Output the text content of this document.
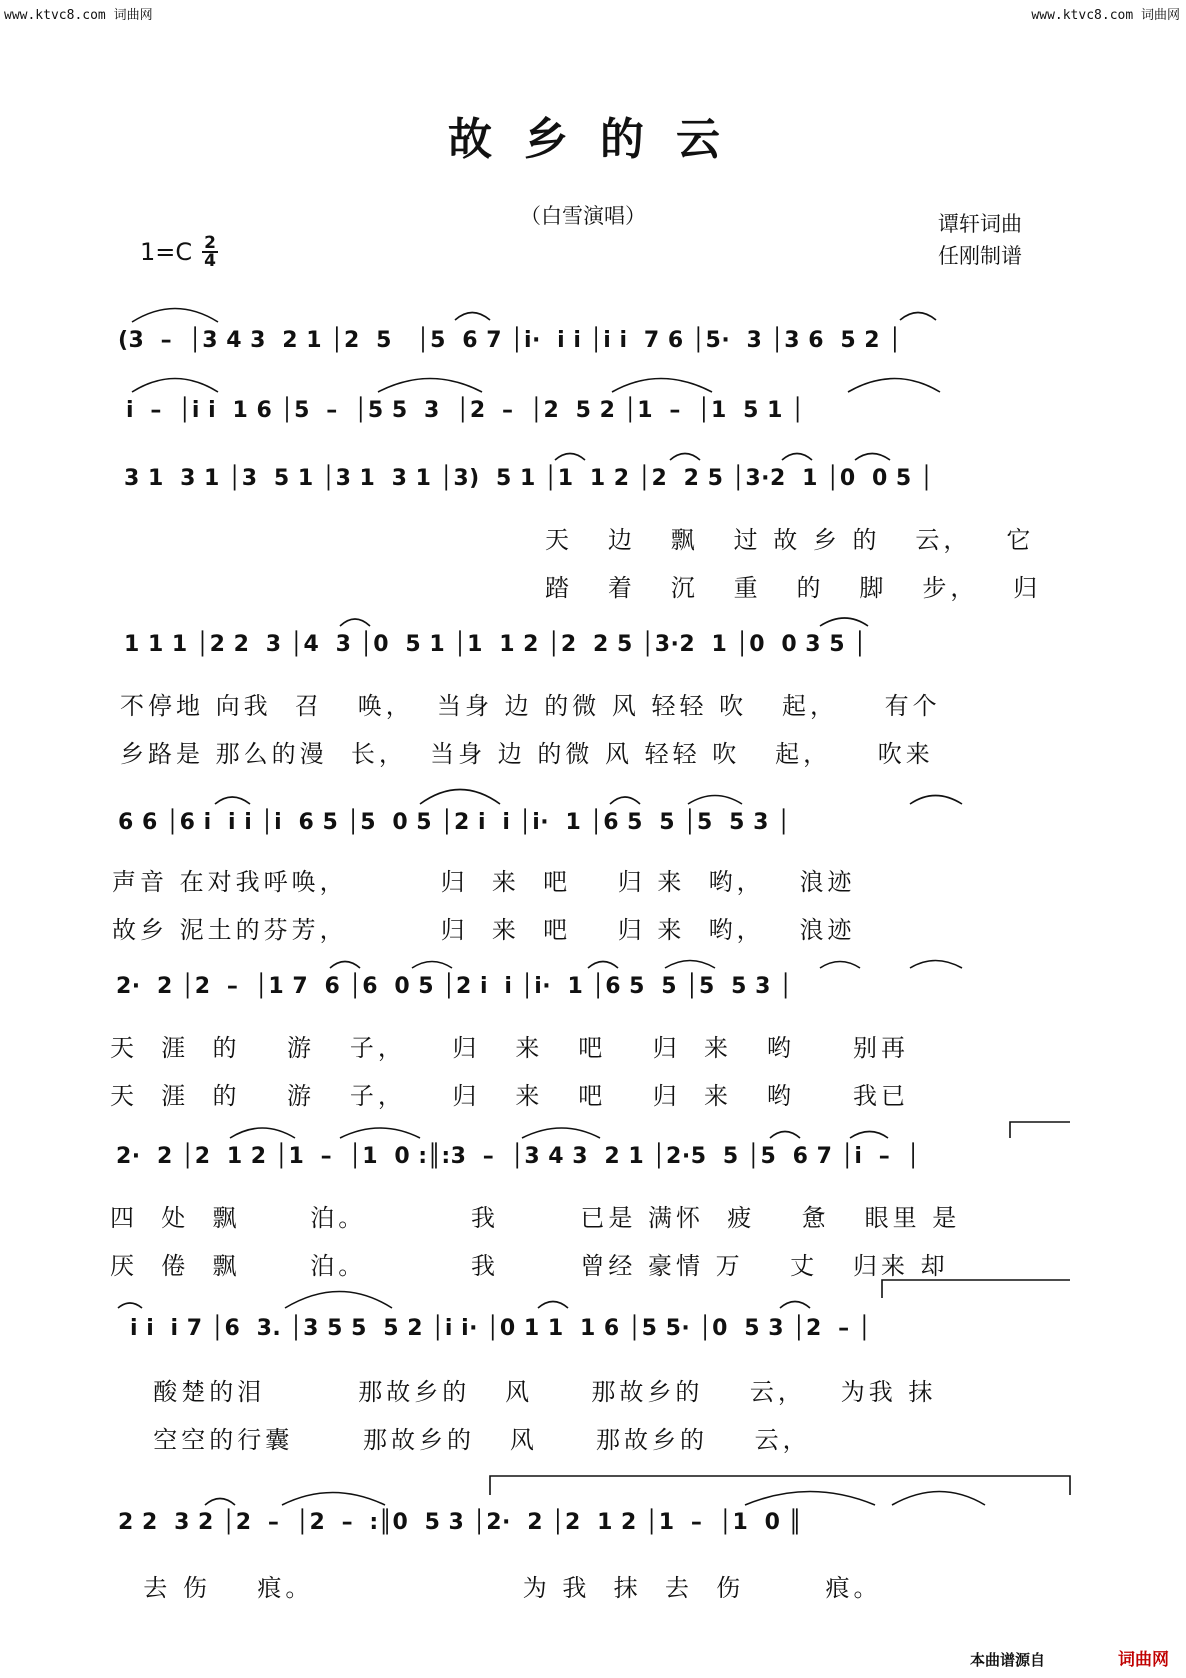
www.ktvc8.com 词曲网	www.ktvc8.com 词曲网
故乡的云
（白雪演唱）	谭轩词曲
任刚制谱
$1=C \frac{2}{4}$
(3  –  │3 4 3  2 1 │2  5   │5  6 7 │i·  i i │i i  7 6 │5·  3 │3 6  5 2 │
i  –  │i i  1 6 │5  –  │5 5  3  │2  –  │2  5 2 │1  –  │1  5 1 │
3 1  3 1 │3  5 1 │3 1  3 1 │3)  5 1 │1  1 2 │2  2 5 │3·2  1 │0  0 5 │
天   边   飘   过 故 乡 的   云，   它
踏   着   沉   重   的   脚   步，   归
1 1 1 │2 2  3 │4  3 │0  5 1 │1  1 2 │2  2 5 │3·2  1 │0  0 3 5 │
不停地 向我  召   唤，  当身 边 的微 风 轻轻 吹   起，    有个
乡路是 那么的漫  长，  当身 边 的微 风 轻轻 吹   起，    吹来
6 6 │6 i  i i │i  6 5 │5  0 5 │2 i  i │i·  1 │6 5  5 │5  5 3 │
声音 在对我呼唤，        归  来  吧    归 来  哟，   浪迹
故乡 泥土的芬芳，        归  来  吧    归 来  哟，   浪迹
2·  2 │2  –  │1 7  6 │6  0 5 │2 i  i │i·  1 │6 5  5 │5  5 3 │
天  涯  的    游   子，    归   来   吧    归  来   哟     别再
天  涯  的    游   子，    归   来   吧    归  来   哟     我已
2·  2 │2  1 2 │1  –  │1  0 :║:3  –  │3 4 3  2 1 │2·5  5 │5  6 7 │i  –  │
四  处  飘      泊。         我       已是 满怀  疲    惫   眼里 是
厌  倦  飘      泊。         我       曾经 豪情 万    丈   归来 却
i i  i 7 │6  3. │3 5 5  5 2 │i i· │0 1 1  1 6 │5 5· │0  5 3 │2  – │
酸楚的泪        那故乡的   风     那故乡的    云，   为我 抹
空空的行囊      那故乡的   风     那故乡的    云，
2 2  3 2 │2  –  │2  –  :║0  5 3 │2·  2 │2  1 2 │1  –  │1  0 ║
去 伤    痕。                  为 我  抹  去  伤       痕。
本曲谱源自	词曲网
